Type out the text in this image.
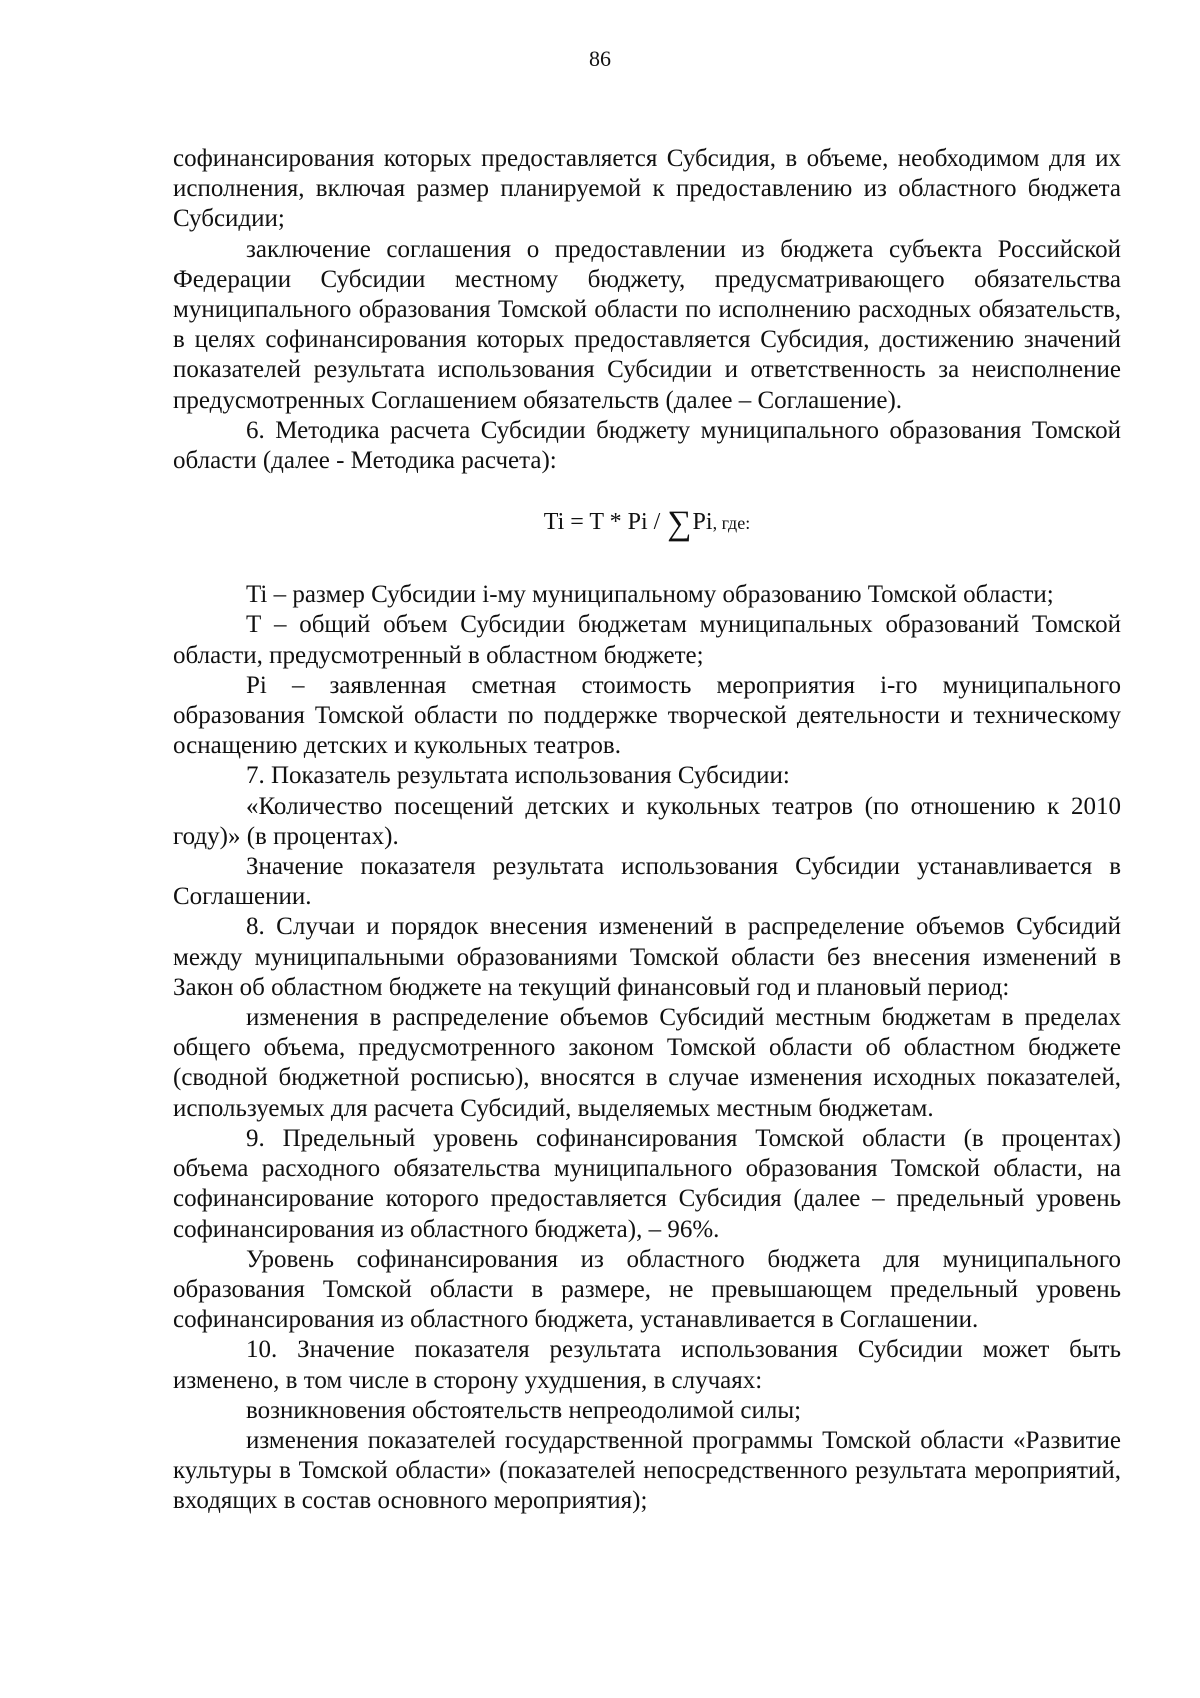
86

софинансирования которых предоставляется Субсидия, в объеме, необходимом для их исполнения, включая размер планируемой к предоставлению из областного бюджета Субсидии;

заключение соглашения о предоставлении из бюджета субъекта Российской Федерации Субсидии местному бюджету, предусматривающего обязательства муниципального образования Томской области по исполнению расходных обязательств, в целях софинансирования которых предоставляется Субсидия, достижению значений показателей результата использования Субсидии и ответственность за неисполнение предусмотренных Соглашением обязательств (далее – Соглашение).

6. Методика расчета Субсидии бюджету муниципального образования Томской области (далее - Методика расчета):

Ti = T * Pi / ∑Pi, где:

Ti – размер Субсидии i-му муниципальному образованию Томской области;

Т – общий объем Субсидии бюджетам муниципальных образований Томской области, предусмотренный в областном бюджете;

Pi – заявленная сметная стоимость мероприятия i-го муниципального образования Томской области по поддержке творческой деятельности и техническому оснащению детских и кукольных театров.

7. Показатель результата использования Субсидии:

«Количество посещений детских и кукольных театров (по отношению к 2010 году)» (в процентах).

Значение показателя результата использования Субсидии устанавливается в Соглашении.

8. Случаи и порядок внесения изменений в распределение объемов Субсидий между муниципальными образованиями Томской области без внесения изменений в Закон об областном бюджете на текущий финансовый год и плановый период:

изменения в распределение объемов Субсидий местным бюджетам в пределах общего объема, предусмотренного законом Томской области об областном бюджете (сводной бюджетной росписью), вносятся в случае изменения исходных показателей, используемых для расчета Субсидий, выделяемых местным бюджетам.

9. Предельный уровень софинансирования Томской области (в процентах) объема расходного обязательства муниципального образования Томской области, на софинансирование которого предоставляется Субсидия (далее – предельный уровень софинансирования из областного бюджета), – 96%.

Уровень софинансирования из областного бюджета для муниципального образования Томской области в размере, не превышающем предельный уровень софинансирования из областного бюджета, устанавливается в Соглашении.

10. Значение показателя результата использования Субсидии может быть изменено, в том числе в сторону ухудшения, в случаях:

возникновения обстоятельств непреодолимой силы;

изменения показателей государственной программы Томской области «Развитие культуры в Томской области» (показателей непосредственного результата мероприятий, входящих в состав основного мероприятия);
